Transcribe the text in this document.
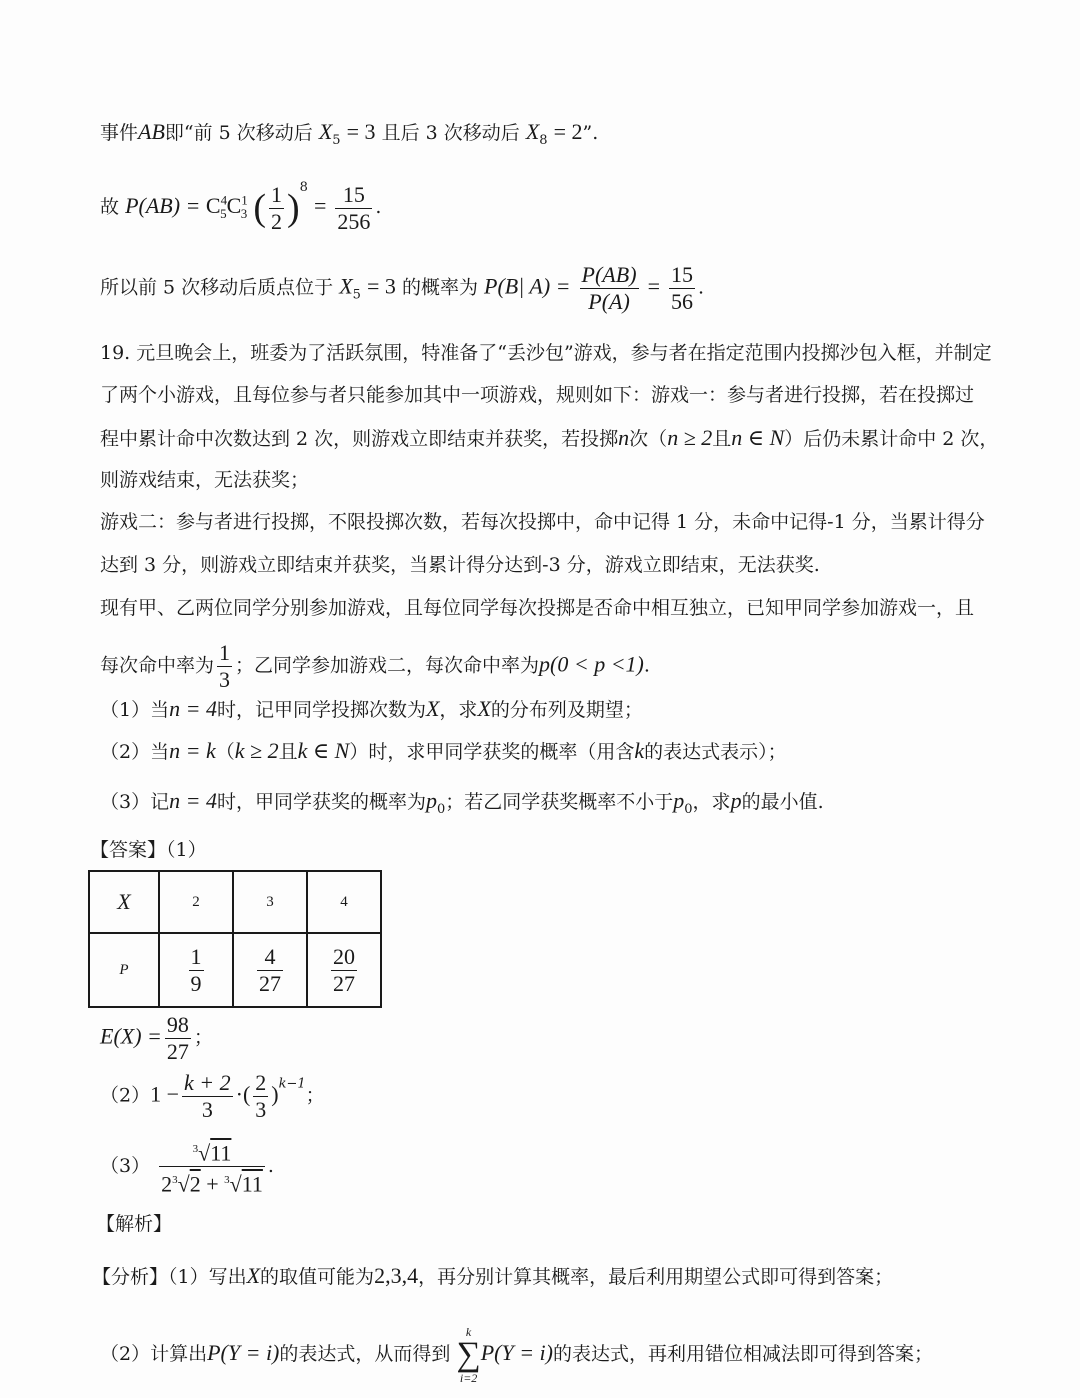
事件AB即“前 5 次移动后 $X_5 = 3$ 且后 3 次移动后 $X_8 = 2$”.
故 $P(AB) = C^4_5C^1_3$ ( $\frac{1}{2} )^8 = \frac{15}{256}$ .
所以前 5 次移动后质点位于 $X_5 = 3$ 的概率为 P(B| $A) = \frac{P(AB)}{P(A)} = \frac{15}{56}$ .
19. 元旦晚会上，班委为了活跃氛围，特准备了“丢沙包”游戏，参与者在指定范围内投掷沙包入框，并制定
了两个小游戏，且每位参与者只能参加其中一项游戏，规则如下：游戏一：参与者进行投掷，若在投掷过
程中累计命中次数达到 2 次，则游戏立即结束并获奖，若投掷n次（n ≥ 2且n ∈ N）后仍未累计命中 2 次，
则游戏结束，无法获奖；
游戏二：参与者进行投掷，不限投掷次数，若每次投掷中，命中记得 1 分，未命中记得-1 分，当累计得分
达到 3 分，则游戏立即结束并获奖，当累计得分达到-3 分，游戏立即结束，无法获奖.
现有甲、乙两位同学分别参加游戏，且每位同学每次投掷是否命中相互独立，已知甲同学参加游戏一，且
每次命中率为 $\frac{1}{3}$ ；乙同学参加游戏二，每次命中率为p(0 < p <1).
（1）当n = 4时，记甲同学投掷次数为X，求X的分布列及期望；
（2）当n = k（k ≥ 2且k ∈ N）时，求甲同学获奖的概率（用含k的表达式表示）；
（3）记n = 4时，甲同学获奖的概率为$p_0$；若乙同学获奖概率不小于$p_0$，求p的最小值.
【答案】（1）
X	2	3	4
P	$\frac{1}{9}$	$\frac{4}{27}$	$\frac{20}{27}$
$E(X) = \frac{98}{27}$ ；
$(2)1 - \frac{k + 2}{3}$ ·( $\frac{2}{3} )^{k-1}$；
$(3) \frac{^3√11}{2^3√2 + ^3√11}$ .
【解析】
【分析】（1）写出X的取值可能为2,3,4，再分别计算其概率，最后利用期望公式即可得到答案；
（2）计算出P(Y = i)的表达式，从而得到
k
∑
i=2
P(Y = i)的表达式，再利用错位相减法即可得到答案；
